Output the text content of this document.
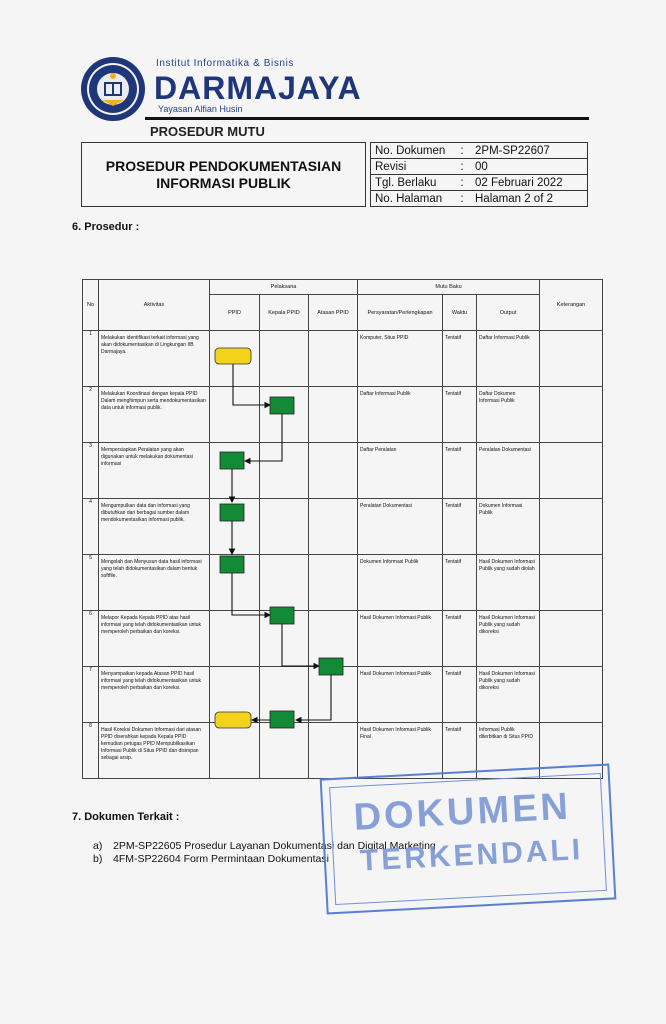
Institut Informatika & Bisnis
DARMAJAYA
Yayasan Alfian Husin
PROSEDUR MUTU
PROSEDUR PENDOKUMENTASIAN
INFORMASI PUBLIK
No. Dokumen	:	2PM-SP22607
Revisi	:	00
Tgl. Berlaku	:	02 Februari 2022
No. Halaman	:	Halaman 2 of 2
6. Prosedur :
No	Aktivitas	Pelaksana			Mutu Baku			Keterangan
		PPID	Kepala PPID	Atasan PPID	Persyaratan/Perlengkapan	Waktu	Output	
1	Melakukan identifikasi terkait informasi yang akan didokumentasikan di Lingkungan IIB Darmajaya.				Komputer, Situs PPID	Tentatif	Daftar Informasi Publik	
2	Melakukan Koordinasi dengan kepala PPID Dalam menghimpun serta mendokumentasikan data untuk informasi publik.				Daftar Informasi Publik	Tentatif	Daftar Dokumen Informasi Publik	
3	Mempersiapkan Peralatan yang akan digunakan untuk melakukan dokumentasi informasi				Daftar Peralatan	Tentatif	Peralatan Dokumentasi	
4	Mengumpulkan data dan informasi yang dibutuhkan dari berbagai sumber dalam mendokumentasikan informasi publik.				Peralatan Dokumentasi	Tentatif	Dokumen Informasi Publik	
5	Mengolah dan Menyusun data hasil informasi yang telah didokumentasikan dalam bentuk softfile.				Dokumen Informasi Publik	Tentatif	Hasil Dokumen Informasi Publik yang sudah diolah	
6	Melapor Kepada Kepala PPID atas hasil informasi yang telah didokumentasikan untuk memperoleh perbaikan dan koreksi.				Hasil Dokumen Informasi Publik	Tentatif	Hasil Dokumen Informasi Publik yang sudah dikoreksi	
7	Menyampaikan kepada Atasan PPID hasil informasi yang telah didokumentasikan untuk memperoleh perbaikan dan koreksi.				Hasil Dokumen Informasi Publik	Tentatif	Hasil Dokumen Informasi Publik yang sudah dikoreksi	
8	Hasil Koreksi Dokumen Informasi dari atasan PPID diserahkan kepada Kepala PPID kemudian petugas PPID Mempublikasikan Informasi Publik di Situs PPID dan disimpan sebagai arsip.				Hasil Dokumen Informasi Publik Final	Tentatif	Informasi Publik diterbitkan di Situs PPID	
7. Dokumen Terkait :
a) 2PM-SP22605 Prosedur Layanan Dokumentasi dan Digital Marketing
b) 4FM-SP22604 Form Permintaan Dokumentasi
DOKUMEN
TERKENDALI
